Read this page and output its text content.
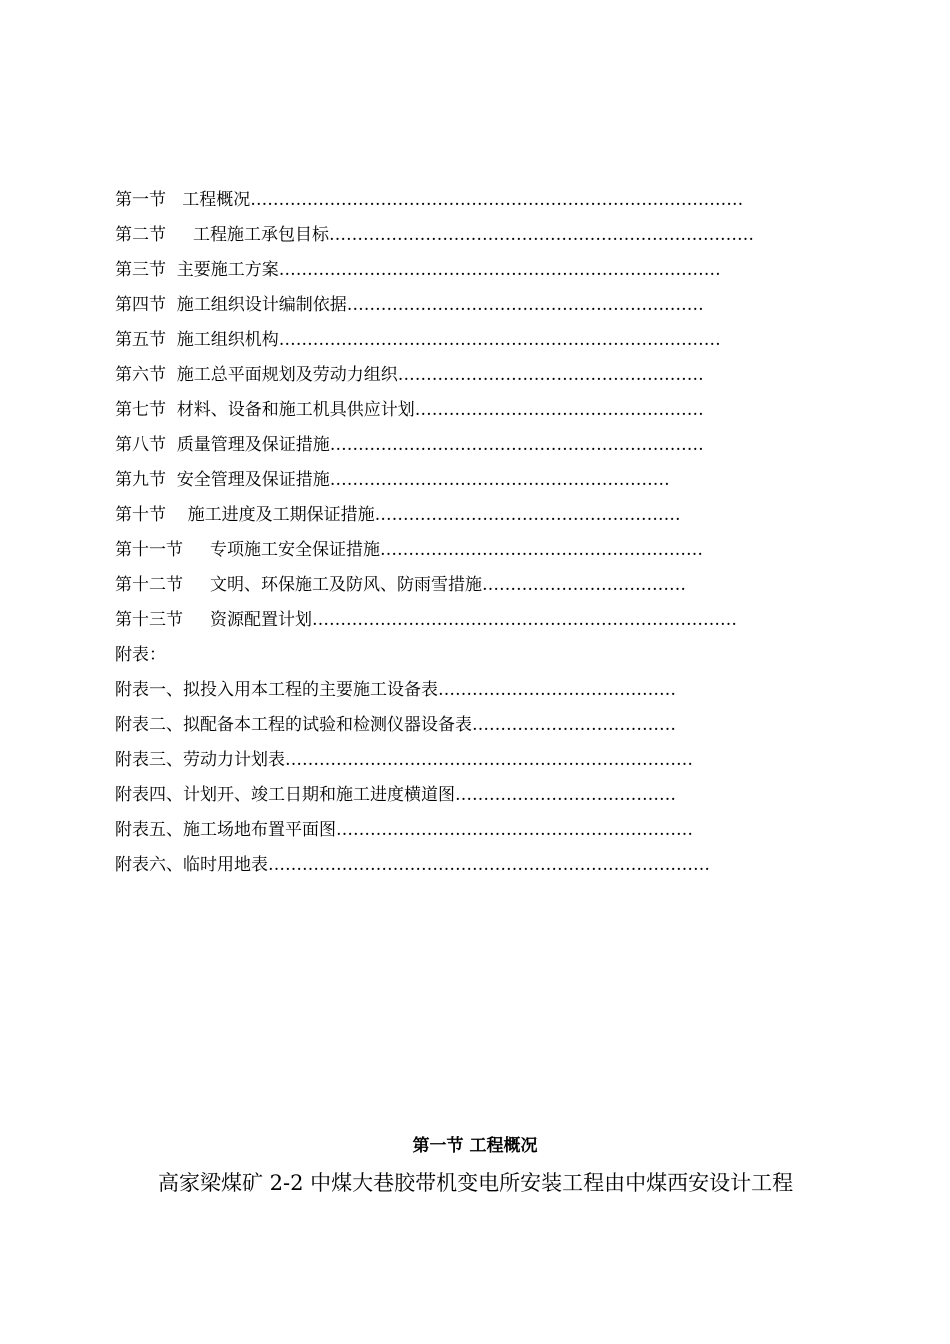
第一节   工程概况……………………………………………………………………………
第二节     工程施工承包目标…………………………………………………………………
第三节  主要施工方案……………………………………………………………………
第四节  施工组织设计编制依据………………………………………………………
第五节  施工组织机构……………………………………………………………………
第六节  施工总平面规划及劳动力组织………………………………………………
第七节  材料、设备和施工机具供应计划……………………………………………
第八节  质量管理及保证措施…………………………………………………………
第九节  安全管理及保证措施……………………………………………………
第十节    施工进度及工期保证措施………………………………………………
第十一节     专项施工安全保证措施…………………………………………………
第十二节     文明、环保施工及防风、防雨雪措施………………………………
第十三节     资源配置计划…………………………………………………………………
附表：
附表一、拟投入用本工程的主要施工设备表……………………………………
附表二、拟配备本工程的试验和检测仪器设备表………………………………
附表三、劳动力计划表………………………………………………………………
附表四、计划开、竣工日期和施工进度横道图…………………………………
附表五、施工场地布置平面图………………………………………………………
附表六、临时用地表……………………………………………………………………
第一节 工程概况
高家梁煤矿 2-2 中煤大巷胶带机变电所安装工程由中煤西安设计工程
